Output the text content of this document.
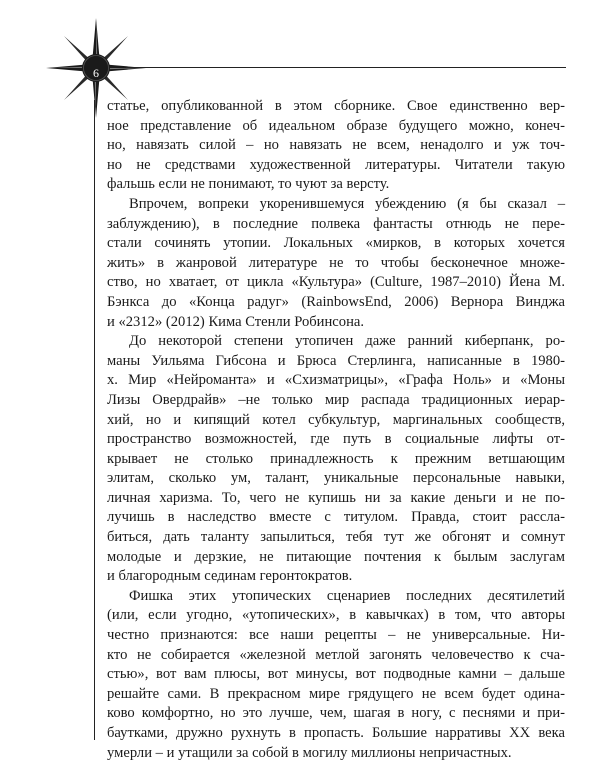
6
статье, опубликованной в этом сборнике. Свое единственно вер-
ное представление об идеальном образе будущего можно, конеч-
но, навязать силой – но навязать не всем, ненадолго и уж точ-
но не средствами художественной литературы. Читатели такую
фальшь если не понимают, то чуют за версту.
Впрочем, вопреки укоренившемуся убеждению (я бы сказал –
заблуждению), в последние полвека фантасты отнюдь не пере-
стали сочинять утопии. Локальных «мирков, в которых хочется
жить» в жанровой литературе не то чтобы бесконечное множе-
ство, но хватает, от цикла «Культура» (Culture, 1987–2010) Йена М.
Бэнкса до «Конца радуг» (RainbowsEnd, 2006) Вернора Винджа
и «2312» (2012) Кима Стенли Робинсона.
До некоторой степени утопичен даже ранний киберпанк, ро-
маны Уильяма Гибсона и Брюса Стерлинга, написанные в 1980-
х. Мир «Нейроманта» и «Схизматрицы», «Графа Ноль» и «Моны
Лизы Овердрайв» –не только мир распада традиционных иерар-
хий, но и кипящий котел субкультур, маргинальных сообществ,
пространство возможностей, где путь в социальные лифты от-
крывает не столько принадлежность к прежним ветшающим
элитам, сколько ум, талант, уникальные персональные навыки,
личная харизма. То, чего не купишь ни за какие деньги и не по-
лучишь в наследство вместе с титулом. Правда, стоит рассла-
биться, дать таланту запылиться, тебя тут же обгонят и сомнут
молодые и дерзкие, не питающие почтения к былым заслугам
и благородным сединам геронтократов.
Фишка этих утопических сценариев последних десятилетий
(или, если угодно, «утопических», в кавычках) в том, что авторы
честно признаются: все наши рецепты – не универсальные. Ни-
кто не собирается «железной метлой загонять человечество к сча-
стью», вот вам плюсы, вот минусы, вот подводные камни – дальше
решайте сами. В прекрасном мире грядущего не всем будет одина-
ково комфортно, но это лучше, чем, шагая в ногу, с песнями и при-
баутками, дружно рухнуть в пропасть. Большие нарративы XX века
умерли – и утащили за собой в могилу миллионы непричастных.
